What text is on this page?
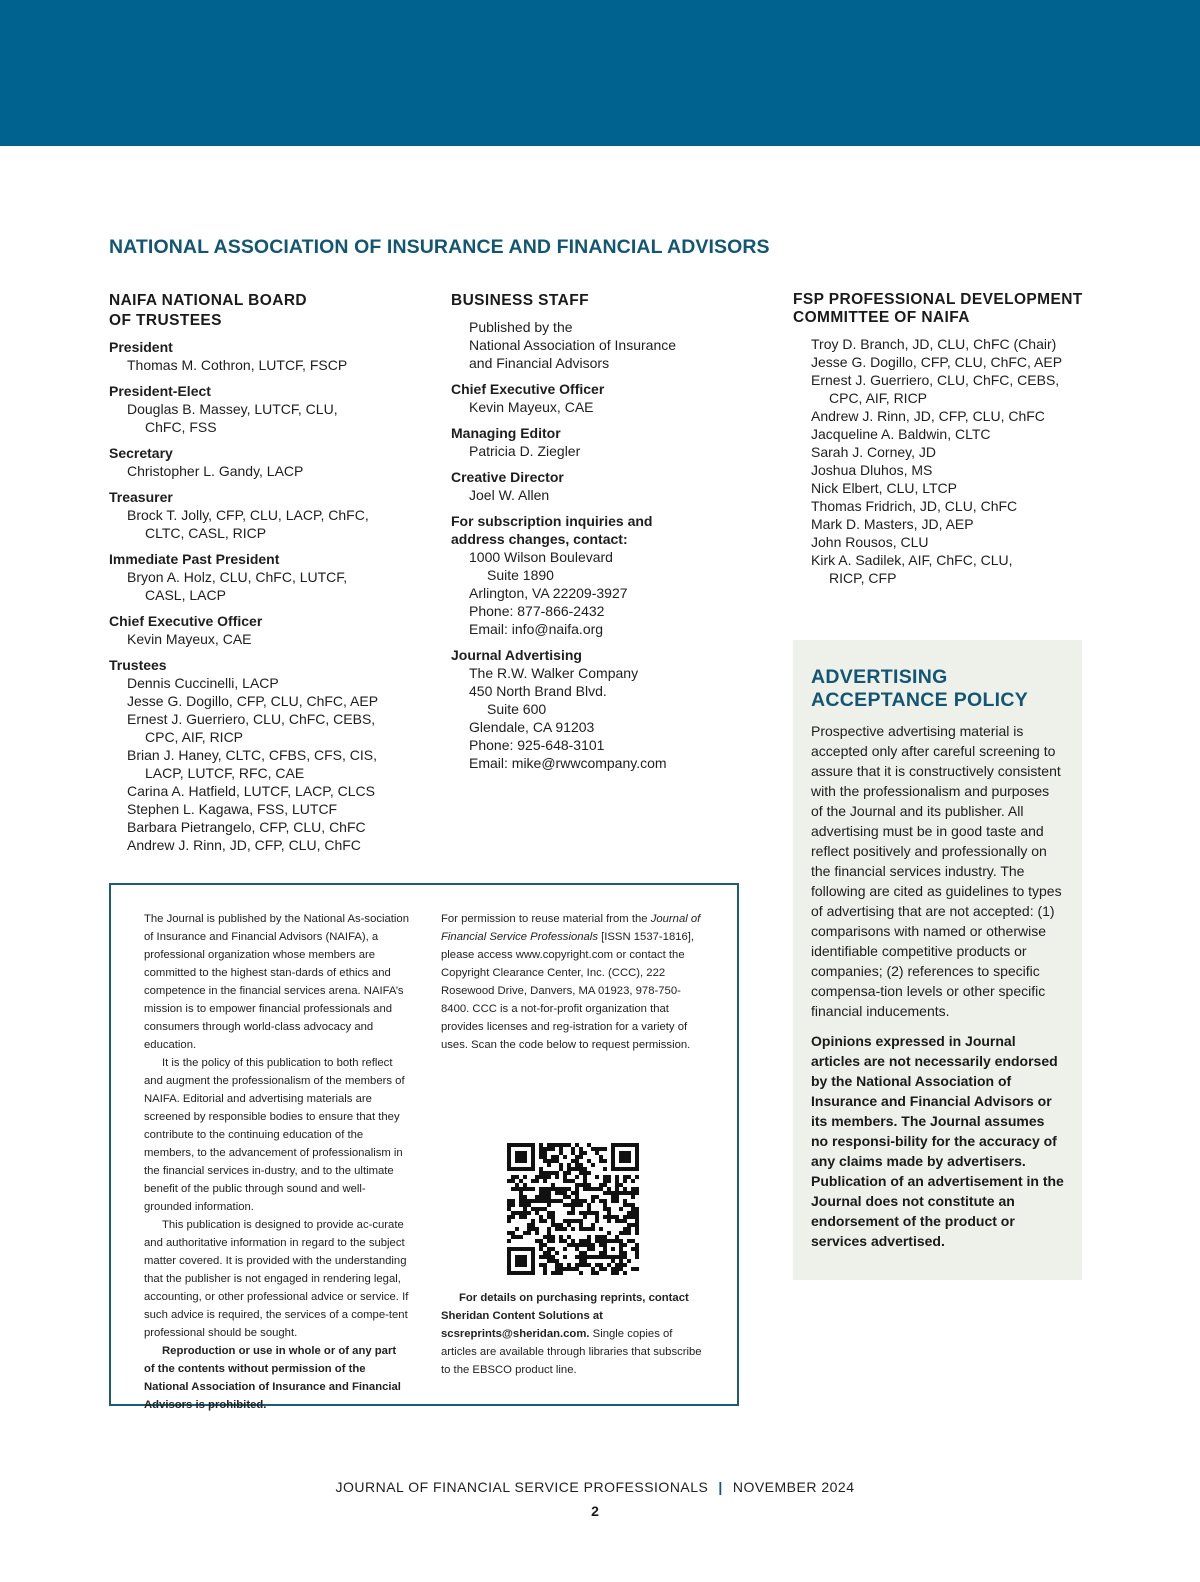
NATIONAL ASSOCIATION OF INSURANCE AND FINANCIAL ADVISORS
NAIFA NATIONAL BOARD
OF TRUSTEES
President
Thomas M. Cothron, LUTCF, FSCP
President-Elect
Douglas B. Massey, LUTCF, CLU,
ChFC, FSS
Secretary
Christopher L. Gandy, LACP
Treasurer
Brock T. Jolly, CFP, CLU, LACP, ChFC,
CLTC, CASL, RICP
Immediate Past President
Bryon A. Holz, CLU, ChFC, LUTCF,
CASL, LACP
Chief Executive Officer
Kevin Mayeux, CAE
Trustees
Dennis Cuccinelli, LACP
Jesse G. Dogillo, CFP, CLU, ChFC, AEP
Ernest J. Guerriero, CLU, ChFC, CEBS,
CPC, AIF, RICP
Brian J. Haney, CLTC, CFBS, CFS, CIS,
LACP, LUTCF, RFC, CAE
Carina A. Hatfield, LUTCF, LACP, CLCS
Stephen L. Kagawa, FSS, LUTCF
Barbara Pietrangelo, CFP, CLU, ChFC
Andrew J. Rinn, JD, CFP, CLU, ChFC
BUSINESS STAFF
Published by the
National Association of Insurance
and Financial Advisors
Chief Executive Officer
Kevin Mayeux, CAE
Managing Editor
Patricia D. Ziegler
Creative Director
Joel W. Allen
For subscription inquiries and
address changes, contact:
1000 Wilson Boulevard
Suite 1890
Arlington, VA 22209-3927
Phone: 877-866-2432
Email: info@naifa.org
Journal Advertising
The R.W. Walker Company
450 North Brand Blvd.
Suite 600
Glendale, CA 91203
Phone: 925-648-3101
Email: mike@rwwcompany.com
FSP PROFESSIONAL DEVELOPMENT
COMMITTEE OF NAIFA
Troy D. Branch, JD, CLU, ChFC (Chair)
Jesse G. Dogillo, CFP, CLU, ChFC, AEP
Ernest J. Guerriero, CLU, ChFC, CEBS,
CPC, AIF, RICP
Andrew J. Rinn, JD, CFP, CLU, ChFC
Jacqueline A. Baldwin, CLTC
Sarah J. Corney, JD
Joshua Dluhos, MS
Nick Elbert, CLU, LTCP
Thomas Fridrich, JD, CLU, ChFC
Mark D. Masters, JD, AEP
John Rousos, CLU
Kirk A. Sadilek, AIF, ChFC, CLU,
RICP, CFP
ADVERTISING
ACCEPTANCE POLICY
Prospective advertising material is accepted only after careful screening to assure that it is constructively consistent with the professionalism and purposes of the Journal and its publisher. All advertising must be in good taste and reflect positively and professionally on the financial services industry. The following are cited as guidelines to types of advertising that are not accepted: (1) comparisons with named or otherwise identifiable competitive products or companies; (2) references to specific compensa-tion levels or other specific financial inducements.
Opinions expressed in Journal articles are not necessarily endorsed by the National Association of Insurance and Financial Advisors or its members. The Journal assumes no responsi-bility for the accuracy of any claims made by advertisers. Publication of an advertisement in the Journal does not constitute an endorsement of the product or services advertised.

The Journal is published by the National As-sociation of Insurance and Financial Advisors (NAIFA), a professional organization whose members are committed to the highest stan-dards of ethics and competence in the financial services arena. NAIFA’s mission is to empower financial professionals and consumers through world-class advocacy and education.

It is the policy of this publication to both reflect and augment the professionalism of the members of NAIFA. Editorial and advertising materials are screened by responsible bodies to ensure that they contribute to the continuing education of the members, to the advancement of professionalism in the financial services in-dustry, and to the ultimate benefit of the public through sound and well-grounded information.

This publication is designed to provide ac-curate and authoritative information in regard to the subject matter covered. It is provided with the understanding that the publisher is not engaged in rendering legal, accounting, or other professional advice or service. If such advice is required, the services of a compe-tent professional should be sought.

Reproduction or use in whole or of any part of the contents without permission of the National Association of Insurance and Financial Advisors is prohibited.

For permission to reuse material from the Journal of Financial Service Professionals [ISSN 1537-1816], please access www.copyright.com or contact the Copyright Clearance Center, Inc. (CCC), 222 Rosewood Drive, Danvers, MA 01923, 978-750-8400. CCC is a not-for-profit organization that provides licenses and reg-istration for a variety of uses. Scan the code below to request permission.

For details on purchasing reprints, contact Sheridan Content Solutions at scsreprints@sheridan.com. Single copies of articles are available through libraries that subscribe to the EBSCO product line.

JOURNAL OF FINANCIAL SERVICE PROFESSIONALS | NOVEMBER 2024
2
